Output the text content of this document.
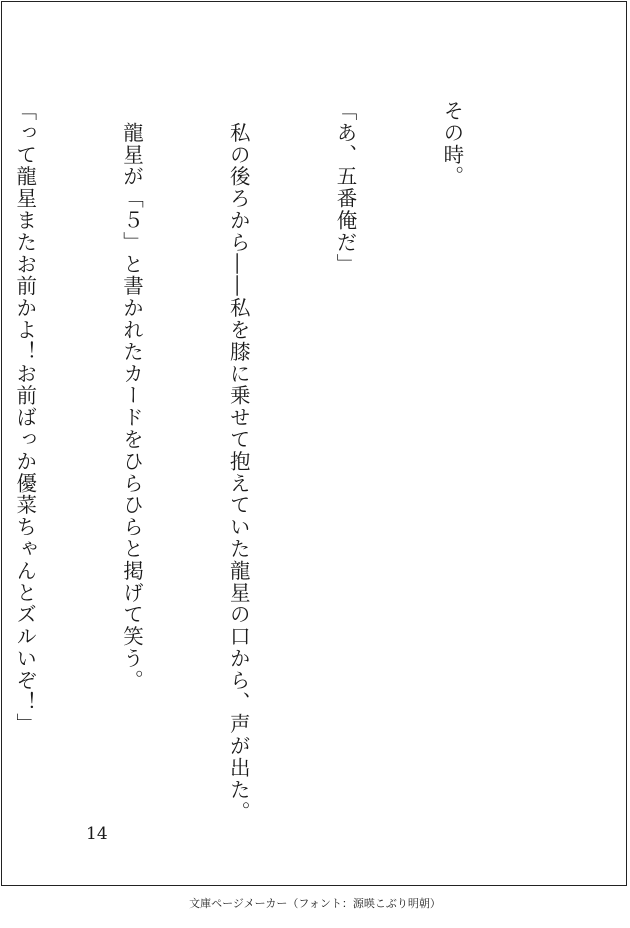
その時。

「あ、五番俺だ」

　私の後ろから――私を膝に乗せて抱えていた龍星の口から、声が出た。

　龍星が「５」と書かれたカードをひらひらと掲げて笑う。

「って龍星またお前かよ！お前ばっか優菜ちゃんとズルいぞ！」

14
文庫ページメーカー（フォント：源暎こぶり明朝）
